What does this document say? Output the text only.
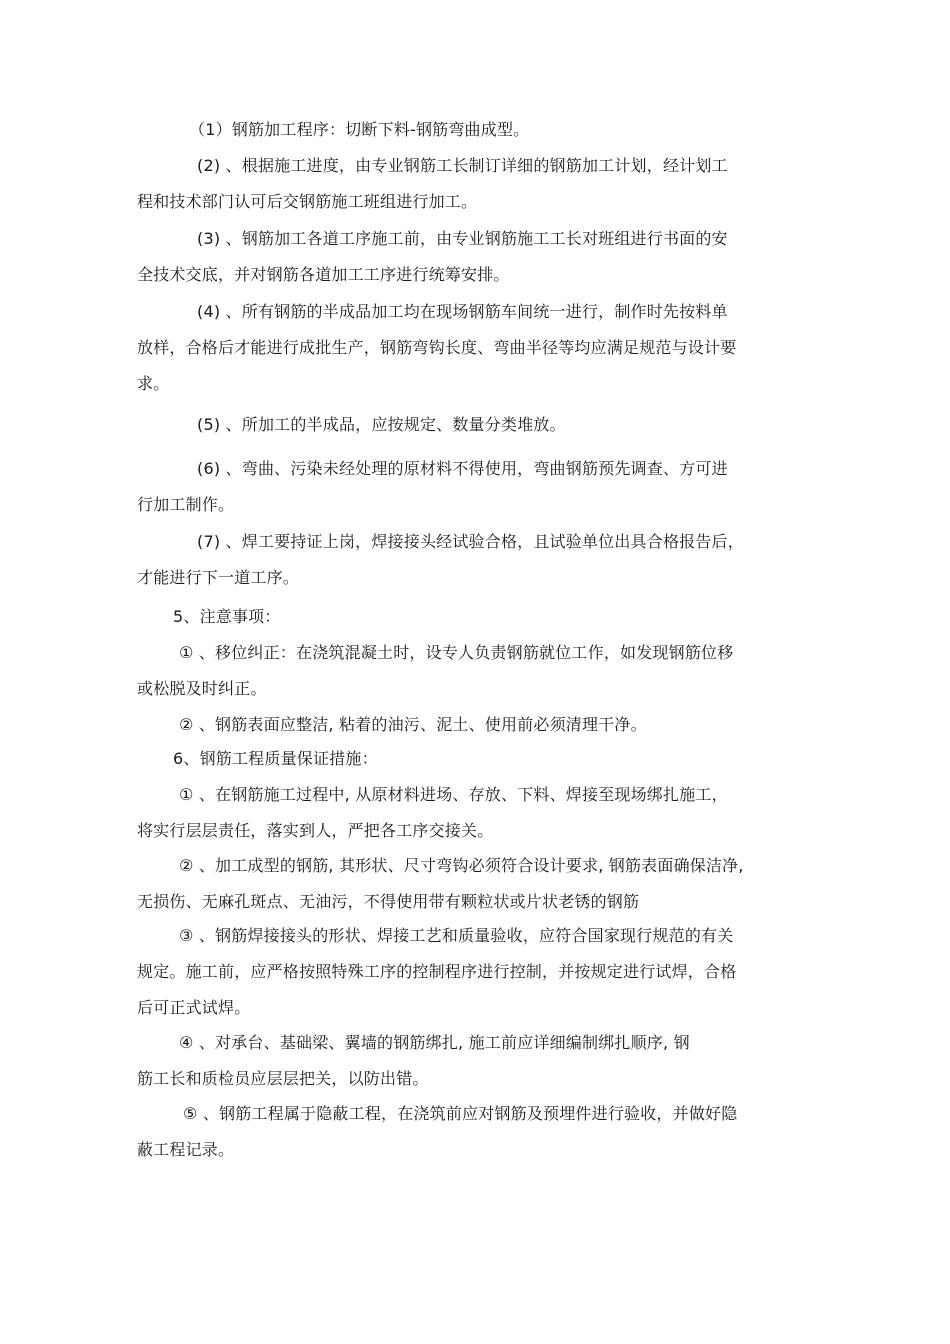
（1）钢筋加工程序：切断下料-钢筋弯曲成型。
(2) 、根据施工进度，由专业钢筋工长制订详细的钢筋加工计划，经计划工
程和技术部门认可后交钢筋施工班组进行加工。
(3) 、钢筋加工各道工序施工前，由专业钢筋施工工长对班组进行书面的安
全技术交底，并对钢筋各道加工工序进行统筹安排。
(4) 、所有钢筋的半成品加工均在现场钢筋车间统一进行，制作时先按料单
放样，合格后才能进行成批生产，钢筋弯钩长度、弯曲半径等均应满足规范与设计要
求。
(5) 、所加工的半成品，应按规定、数量分类堆放。
(6) 、弯曲、污染未经处理的原材料不得使用，弯曲钢筋预先调查、方可进
行加工制作。
(7) 、焊工要持证上岗，焊接接头经试验合格，且试验单位出具合格报告后，
才能进行下一道工序。
5、注意事项：
① 、移位纠正：在浇筑混凝土时，设专人负责钢筋就位工作，如发现钢筋位移
或松脱及时纠正。
② 、钢筋表面应整洁, 粘着的油污、泥土、使用前必须清理干净。
6、钢筋工程质量保证措施：
① 、在钢筋施工过程中, 从原材料进场、存放、下料、焊接至现场绑扎施工，
将实行层层责任，落实到人，严把各工序交接关。
② 、加工成型的钢筋, 其形状、尺寸弯钩必须符合设计要求, 钢筋表面确保洁净,
无损伤、无麻孔斑点、无油污，不得使用带有颗粒状或片状老锈的钢筋
③ 、钢筋焊接接头的形状、焊接工艺和质量验收，应符合国家现行规范的有关
规定。施工前，应严格按照特殊工序的控制程序进行控制，并按规定进行试焊，合格
后可正式试焊。
④ 、对承台、基础梁、翼墙的钢筋绑扎, 施工前应详细编制绑扎顺序, 钢
筋工长和质检员应层层把关，以防出错。
⑤ 、钢筋工程属于隐蔽工程，在浇筑前应对钢筋及预埋件进行验收，并做好隐
蔽工程记录。
